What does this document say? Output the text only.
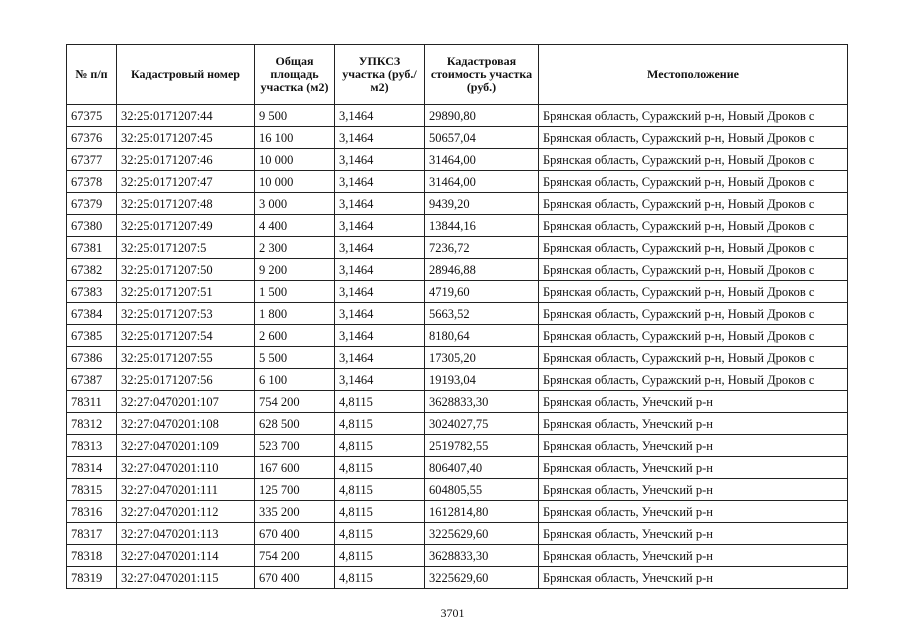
№ п/п	Кадастровый номер	Общая площадь участка (м2)	УПКСЗ участка (руб./м2)	Кадастровая стоимость участка (руб.)	Местоположение
67375	32:25:0171207:44	9 500	3,1464	29890,80	Брянская область, Суражский р-н, Новый Дроков с
67376	32:25:0171207:45	16 100	3,1464	50657,04	Брянская область, Суражский р-н, Новый Дроков с
67377	32:25:0171207:46	10 000	3,1464	31464,00	Брянская область, Суражский р-н, Новый Дроков с
67378	32:25:0171207:47	10 000	3,1464	31464,00	Брянская область, Суражский р-н, Новый Дроков с
67379	32:25:0171207:48	3 000	3,1464	9439,20	Брянская область, Суражский р-н, Новый Дроков с
67380	32:25:0171207:49	4 400	3,1464	13844,16	Брянская область, Суражский р-н, Новый Дроков с
67381	32:25:0171207:5	2 300	3,1464	7236,72	Брянская область, Суражский р-н, Новый Дроков с
67382	32:25:0171207:50	9 200	3,1464	28946,88	Брянская область, Суражский р-н, Новый Дроков с
67383	32:25:0171207:51	1 500	3,1464	4719,60	Брянская область, Суражский р-н, Новый Дроков с
67384	32:25:0171207:53	1 800	3,1464	5663,52	Брянская область, Суражский р-н, Новый Дроков с
67385	32:25:0171207:54	2 600	3,1464	8180,64	Брянская область, Суражский р-н, Новый Дроков с
67386	32:25:0171207:55	5 500	3,1464	17305,20	Брянская область, Суражский р-н, Новый Дроков с
67387	32:25:0171207:56	6 100	3,1464	19193,04	Брянская область, Суражский р-н, Новый Дроков с
78311	32:27:0470201:107	754 200	4,8115	3628833,30	Брянская область, Унечский р-н
78312	32:27:0470201:108	628 500	4,8115	3024027,75	Брянская область, Унечский р-н
78313	32:27:0470201:109	523 700	4,8115	2519782,55	Брянская область, Унечский р-н
78314	32:27:0470201:110	167 600	4,8115	806407,40	Брянская область, Унечский р-н
78315	32:27:0470201:111	125 700	4,8115	604805,55	Брянская область, Унечский р-н
78316	32:27:0470201:112	335 200	4,8115	1612814,80	Брянская область, Унечский р-н
78317	32:27:0470201:113	670 400	4,8115	3225629,60	Брянская область, Унечский р-н
78318	32:27:0470201:114	754 200	4,8115	3628833,30	Брянская область, Унечский р-н
78319	32:27:0470201:115	670 400	4,8115	3225629,60	Брянская область, Унечский р-н
3701
